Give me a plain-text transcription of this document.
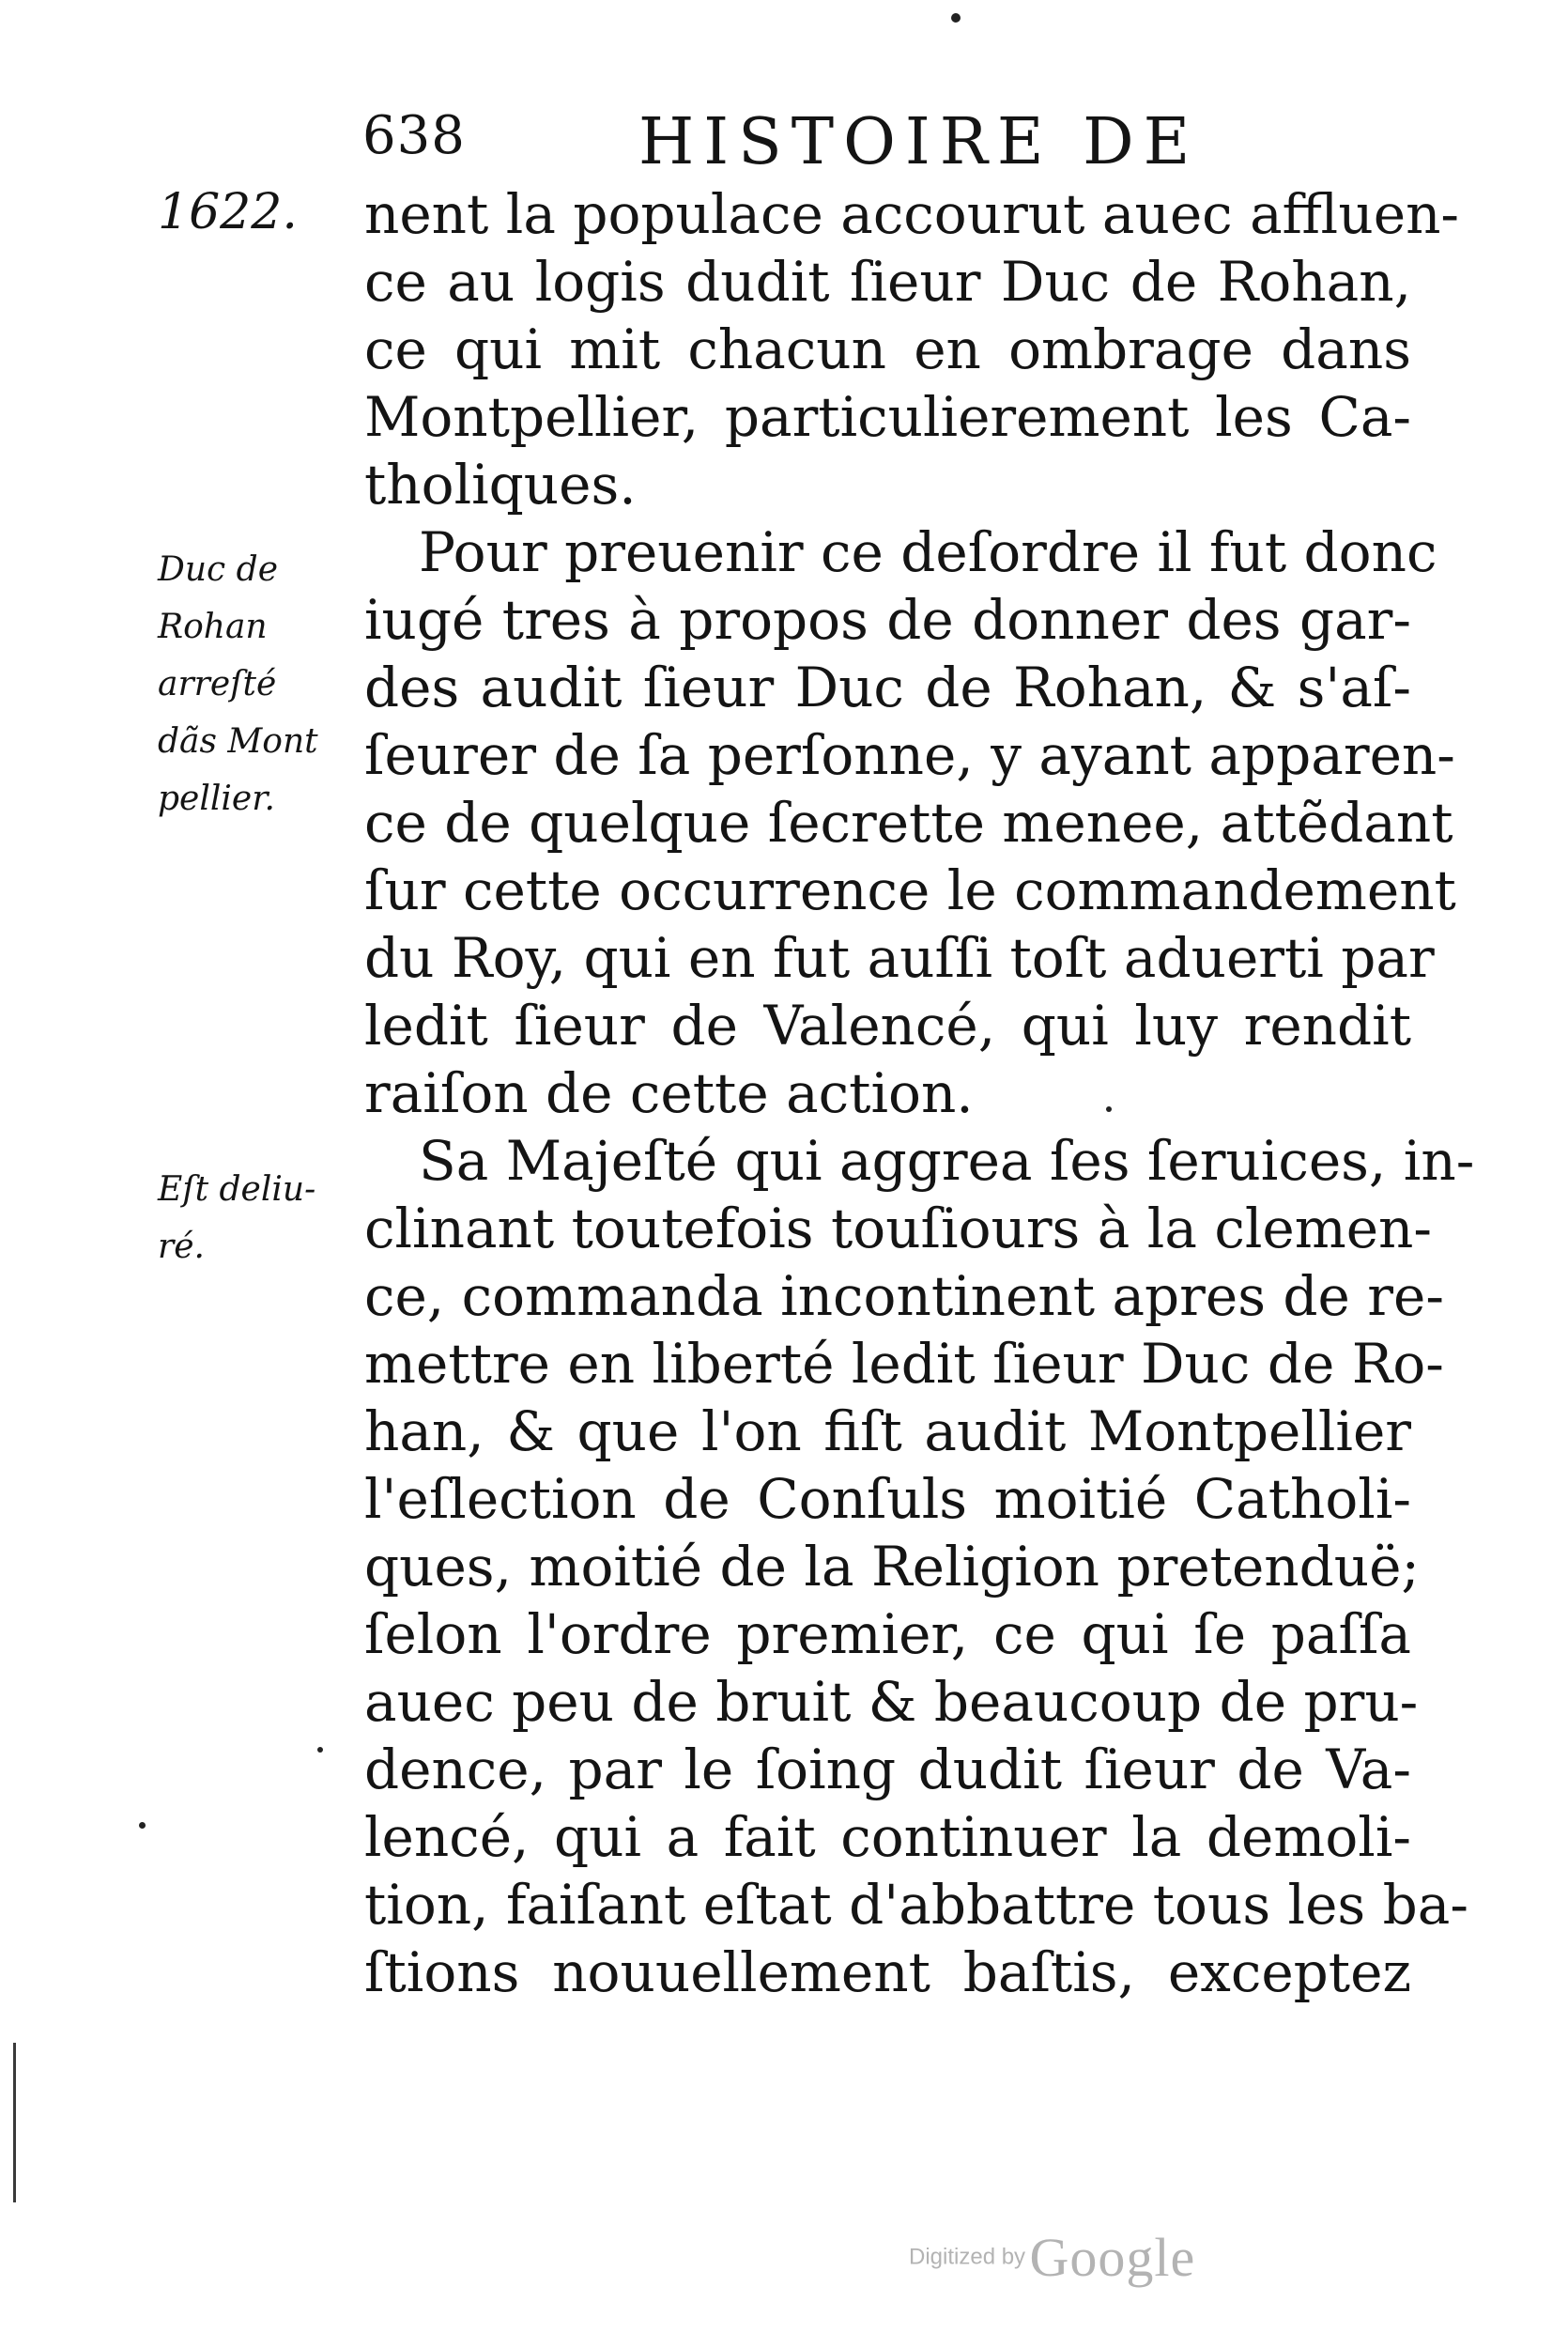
638	HISTOIRE DE
1622.
Duc de
Rohan
arreſté
dãs Mont
pellier.
Eſt deliu-
ré.
nent la populace accourut auec affluen-
ce au logis dudit ſieur Duc de Rohan,
ce qui mit chacun en ombrage dans
Montpellier, particulierement les Ca-
tholiques.
Pour preuenir ce deſordre il fut donc
iugé tres à propos de donner des gar-
des audit ſieur Duc de Rohan, & s'aſ-
ſeurer de ſa perſonne, y ayant apparen-
ce de quelque ſecrette menee, attẽdant
ſur cette occurrence le commandement
du Roy, qui en fut auſſi toſt aduerti par
ledit ſieur de Valencé, qui luy rendit
raiſon de cette action.
Sa Majeſté qui aggrea ſes ſeruices, in-
clinant toutefois touſiours à la clemen-
ce, commanda incontinent apres de re-
mettre en liberté ledit ſieur Duc de Ro-
han, & que l'on fiſt audit Montpellier
l'eſlection de Conſuls moitié Catholi-
ques, moitié de la Religion pretenduë;
ſelon l'ordre premier, ce qui ſe paſſa
auec peu de bruit & beaucoup de pru-
dence, par le ſoing dudit ſieur de Va-
lencé, qui a fait continuer la demoli-
tion, faiſant eſtat d'abbattre tous les ba-
ſtions nouuellement baſtis, exceptez
Digitized by Google
